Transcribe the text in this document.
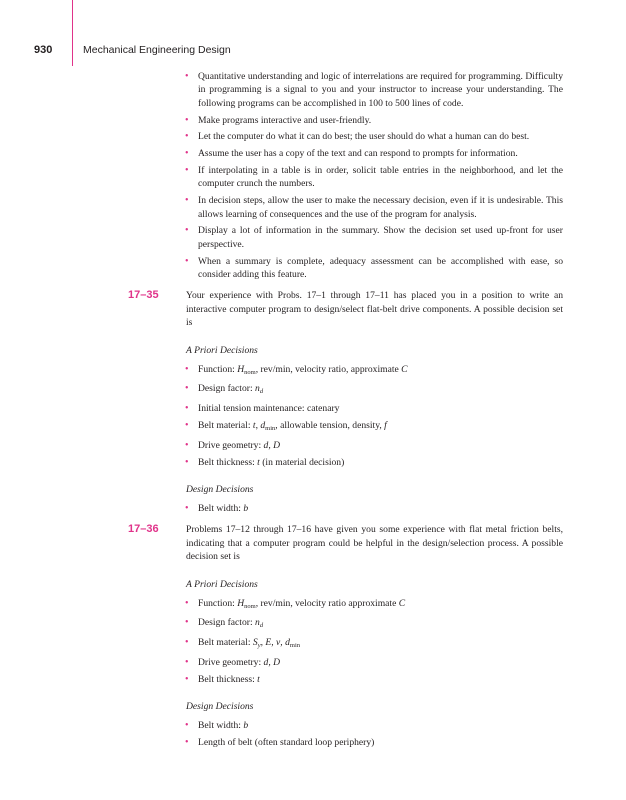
930	Mechanical Engineering Design
• Quantitative understanding and logic of interrelations are required for programming. Difficulty in programming is a signal to you and your instructor to increase your understanding. The following programs can be accomplished in 100 to 500 lines of code.
• Make programs interactive and user-friendly.
• Let the computer do what it can do best; the user should do what a human can do best.
• Assume the user has a copy of the text and can respond to prompts for information.
• If interpolating in a table is in order, solicit table entries in the neighborhood, and let the computer crunch the numbers.
• In decision steps, allow the user to make the necessary decision, even if it is undesirable. This allows learning of consequences and the use of the program for analysis.
• Display a lot of information in the summary. Show the decision set used up-front for user perspective.
• When a summary is complete, adequacy assessment can be accomplished with ease, so consider adding this feature.
17–35	Your experience with Probs. 17–1 through 17–11 has placed you in a position to write an interactive computer program to design/select flat-belt drive components. A possible decision set is
A Priori Decisions
• Function: $H_{nom}$, rev/min, velocity ratio, approximate C
• Design factor: $n_d$
• Initial tension maintenance: catenary
• Belt material: t, $d_{min}$, allowable tension, density, f
• Drive geometry: d, D
• Belt thickness: t (in material decision)
Design Decisions
• Belt width: b
17–36	Problems 17–12 through 17–16 have given you some experience with flat metal friction belts, indicating that a computer program could be helpful in the design/selection process. A possible decision set is
A Priori Decisions
• Function: $H_{nom}$, rev/min, velocity ratio approximate C
• Design factor: $n_d$
• Belt material: $S_y$, E, ν, $d_{min}$
• Drive geometry: d, D
• Belt thickness: t
Design Decisions
• Belt width: b
• Length of belt (often standard loop periphery)
